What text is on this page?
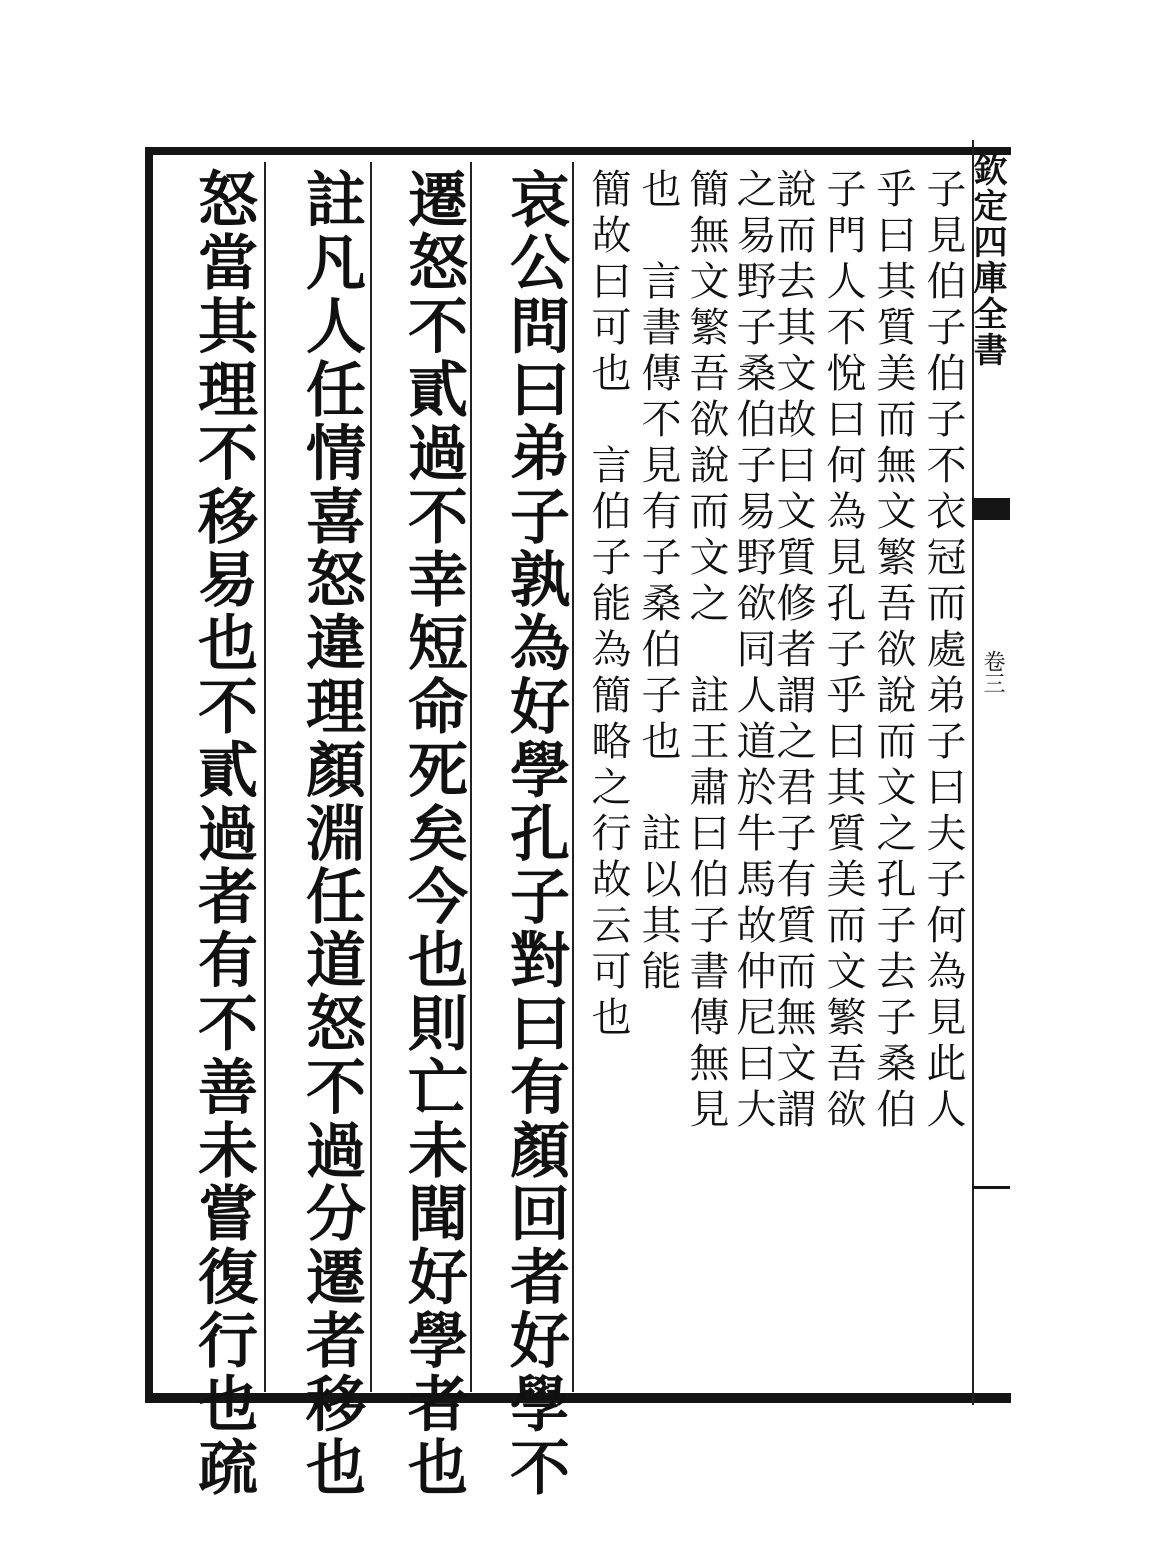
欽定四庫全書
卷三
子見伯子伯子不衣冠而處弟子曰夫子何為見此人
乎曰其質美而無文繁吾欲說而文之孔子去子桑伯
子門人不悅曰何為見孔子乎曰其質美而文繁吾欲
說而去其文故曰文質修者謂之君子有質而無文謂
之易野子桑伯子易野欲同人道於牛馬故仲尼曰大
簡無文繁吾欲說而文之　註王肅曰伯子書傳無見
也　言書傳不見有子桑伯子也　註以其能
簡故曰可也　言伯子能為簡略之行故云可也
哀公問曰弟子孰為好學孔子對曰有顏回者好學不
遷怒不貳過不幸短命死矣今也則亡未聞好學者也
註凡人任情喜怒違理顏淵任道怒不過分遷者移也
怒當其理不移易也不貳過者有不善未嘗復行也疏
